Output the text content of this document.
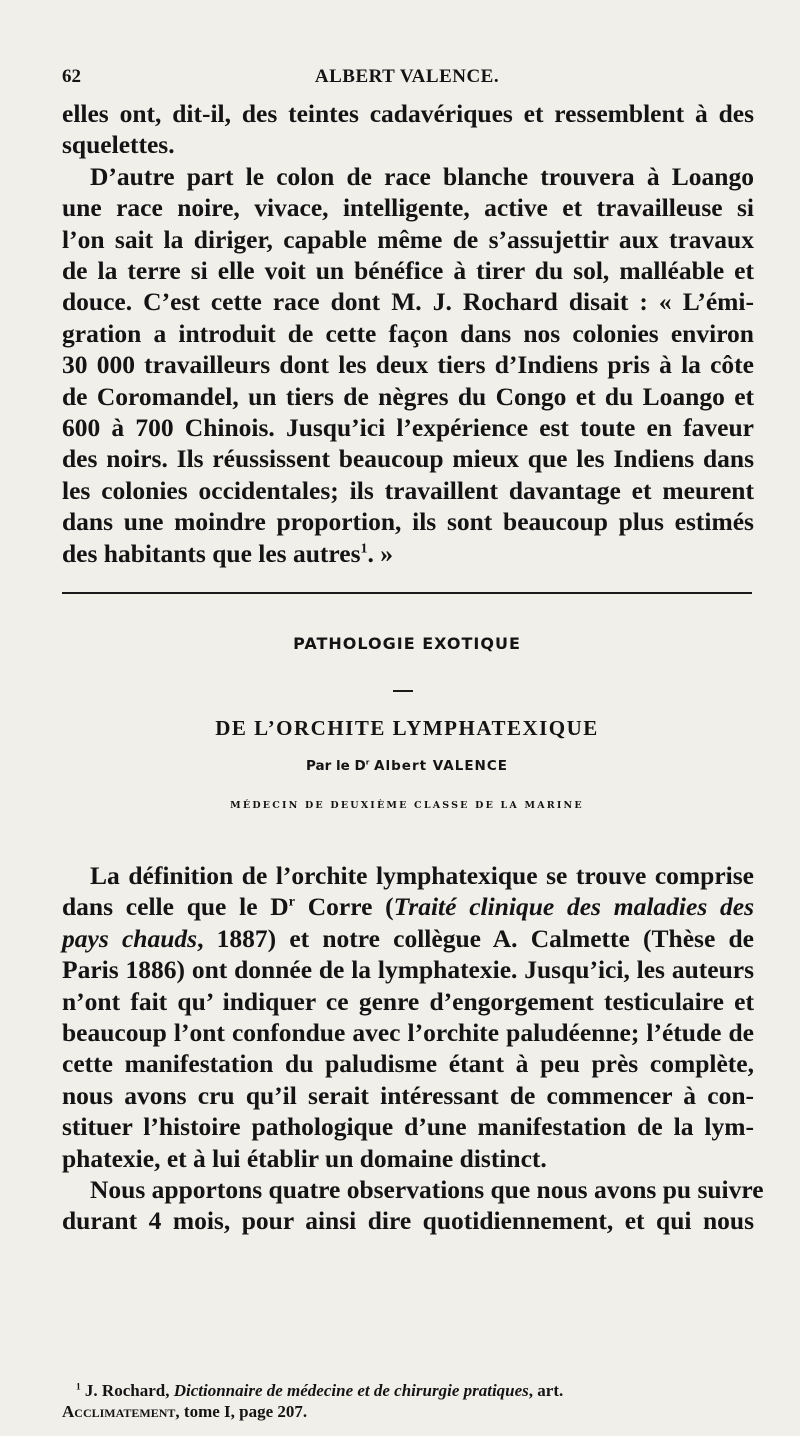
62	ALBERT VALENCE.
elles ont, dit-il, des teintes cadavériques et ressemblent à des
squelettes.
D’autre part le colon de race blanche trouvera à Loango
une race noire, vivace, intelligente, active et travailleuse si
l’on sait la diriger, capable même de s’assujettir aux travaux
de la terre si elle voit un bénéfice à tirer du sol, malléable et
douce. C’est cette race dont M. J. Rochard disait : « L’émi-
gration a introduit de cette façon dans nos colonies environ
30 000 travailleurs dont les deux tiers d’Indiens pris à la côte
de Coromandel, un tiers de nègres du Congo et du Loango et
600 à 700 Chinois. Jusqu’ici l’expérience est toute en faveur
des noirs. Ils réussissent beaucoup mieux que les Indiens dans
les colonies occidentales; ils travaillent davantage et meurent
dans une moindre proportion, ils sont beaucoup plus estimés
des habitants que les autres$^1$. »
PATHOLOGIE EXOTIQUE
DE L’ORCHITE LYMPHATEXIQUE
Par le $D^r$ Albert VALENCE
MÉDECIN DE DEUXIÈME CLASSE DE LA MARINE
La définition de l’orchite lymphatexique se trouve comprise
dans celle que le $D^r$ Corre (Traité clinique des maladies des
pays chauds, 1887) et notre collègue A. Calmette (Thèse de
Paris 1886) ont donnée de la lymphatexie. Jusqu’ici, les auteurs
n’ont fait qu’ indiquer ce genre d’engorgement testiculaire et
beaucoup l’ont confondue avec l’orchite paludéenne; l’étude de
cette manifestation du paludisme étant à peu près complète,
nous avons cru qu’il serait intéressant de commencer à con-
stituer l’histoire pathologique d’une manifestation de la lym-
phatexie, et à lui établir un domaine distinct.
Nous apportons quatre observations que nous avons pu suivre
durant 4 mois, pour ainsi dire quotidiennement, et qui nous
$^1$ J. Rochard, Dictionnaire de médecine et de chirurgie pratiques, art.
Acclimatement, tome I, page 207.
